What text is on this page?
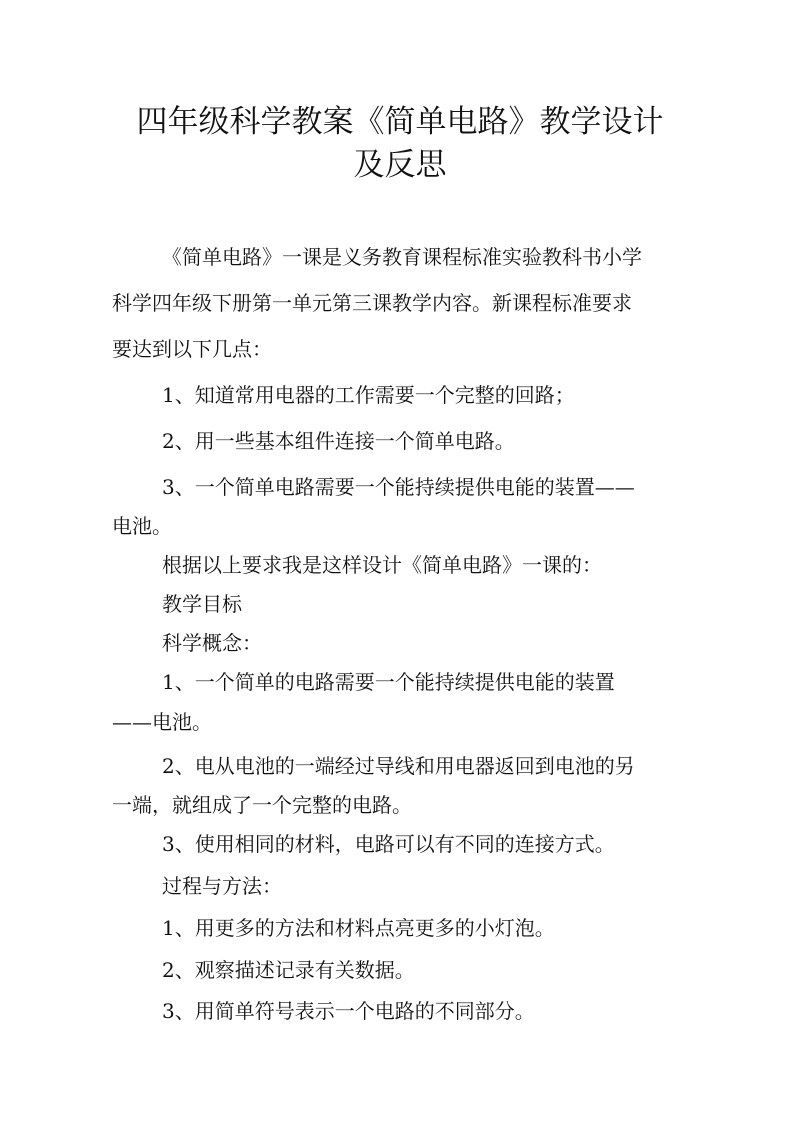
四年级科学教案《简单电路》教学设计
及反思

《简单电路》一课是义务教育课程标准实验教科书小学

科学四年级下册第一单元第三课教学内容。新课程标准要求

要达到以下几点：

1、知道常用电器的工作需要一个完整的回路；

2、用一些基本组件连接一个简单电路。

3、一个简单电路需要一个能持续提供电能的装置——

电池。

根据以上要求我是这样设计《简单电路》一课的：

教学目标

科学概念：

1、一个简单的电路需要一个能持续提供电能的装置

——电池。

2、电从电池的一端经过导线和用电器返回到电池的另

一端，就组成了一个完整的电路。

3、使用相同的材料，电路可以有不同的连接方式。

过程与方法：

1、用更多的方法和材料点亮更多的小灯泡。

2、观察描述记录有关数据。

3、用简单符号表示一个电路的不同部分。
